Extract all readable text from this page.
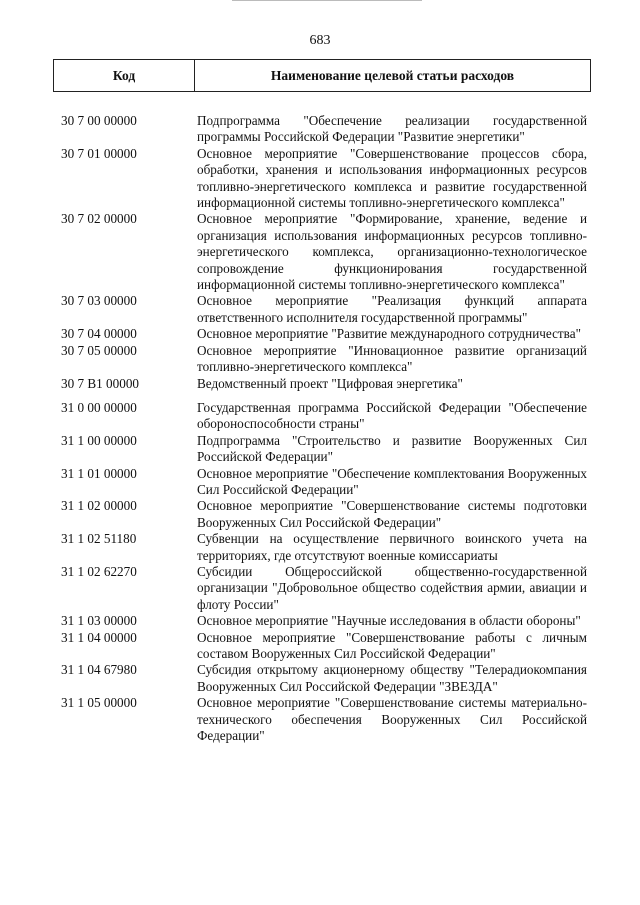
683
Код	Наименование целевой статьи расходов
30 7 00 00000	Подпрограмма "Обеспечение реализации государственной программы Российской Федерации "Развитие энергетики"
30 7 01 00000	Основное мероприятие "Совершенствование процессов сбора, обработки, хранения и использования информационных ресурсов топливно-энергетического комплекса и развитие государственной информационной системы топливно-энергетического комплекса"
30 7 02 00000	Основное мероприятие "Формирование, хранение, ведение и организация использования информационных ресурсов топливно-энергетического комплекса, организационно-технологическое сопровождение функционирования государственной информационной системы топливно-энергетического комплекса"
30 7 03 00000	Основное мероприятие "Реализация функций аппарата ответственного исполнителя государственной программы"
30 7 04 00000	Основное мероприятие "Развитие международного сотрудничества"
30 7 05 00000	Основное мероприятие "Инновационное развитие организаций топливно-энергетического комплекса"
30 7 B1 00000	Ведомственный проект "Цифровая энергетика"
31 0 00 00000	Государственная программа Российской Федерации "Обеспечение обороноспособности страны"
31 1 00 00000	Подпрограмма "Строительство и развитие Вооруженных Сил Российской Федерации"
31 1 01 00000	Основное мероприятие "Обеспечение комплектования Вооруженных Сил Российской Федерации"
31 1 02 00000	Основное мероприятие "Совершенствование системы подготовки Вооруженных Сил Российской Федерации"
31 1 02 51180	Субвенции на осуществление первичного воинского учета на территориях, где отсутствуют военные комиссариаты
31 1 02 62270	Субсидии Общероссийской общественно-государственной организации "Добровольное общество содействия армии, авиации и флоту России"
31 1 03 00000	Основное мероприятие "Научные исследования в области обороны"
31 1 04 00000	Основное мероприятие "Совершенствование работы с личным составом Вооруженных Сил Российской Федерации"
31 1 04 67980	Субсидия открытому акционерному обществу "Телерадиокомпания Вооруженных Сил Российской Федерации "ЗВЕЗДА"
31 1 05 00000	Основное мероприятие "Совершенствование системы материально-технического обеспечения Вооруженных Сил Российской Федерации"
